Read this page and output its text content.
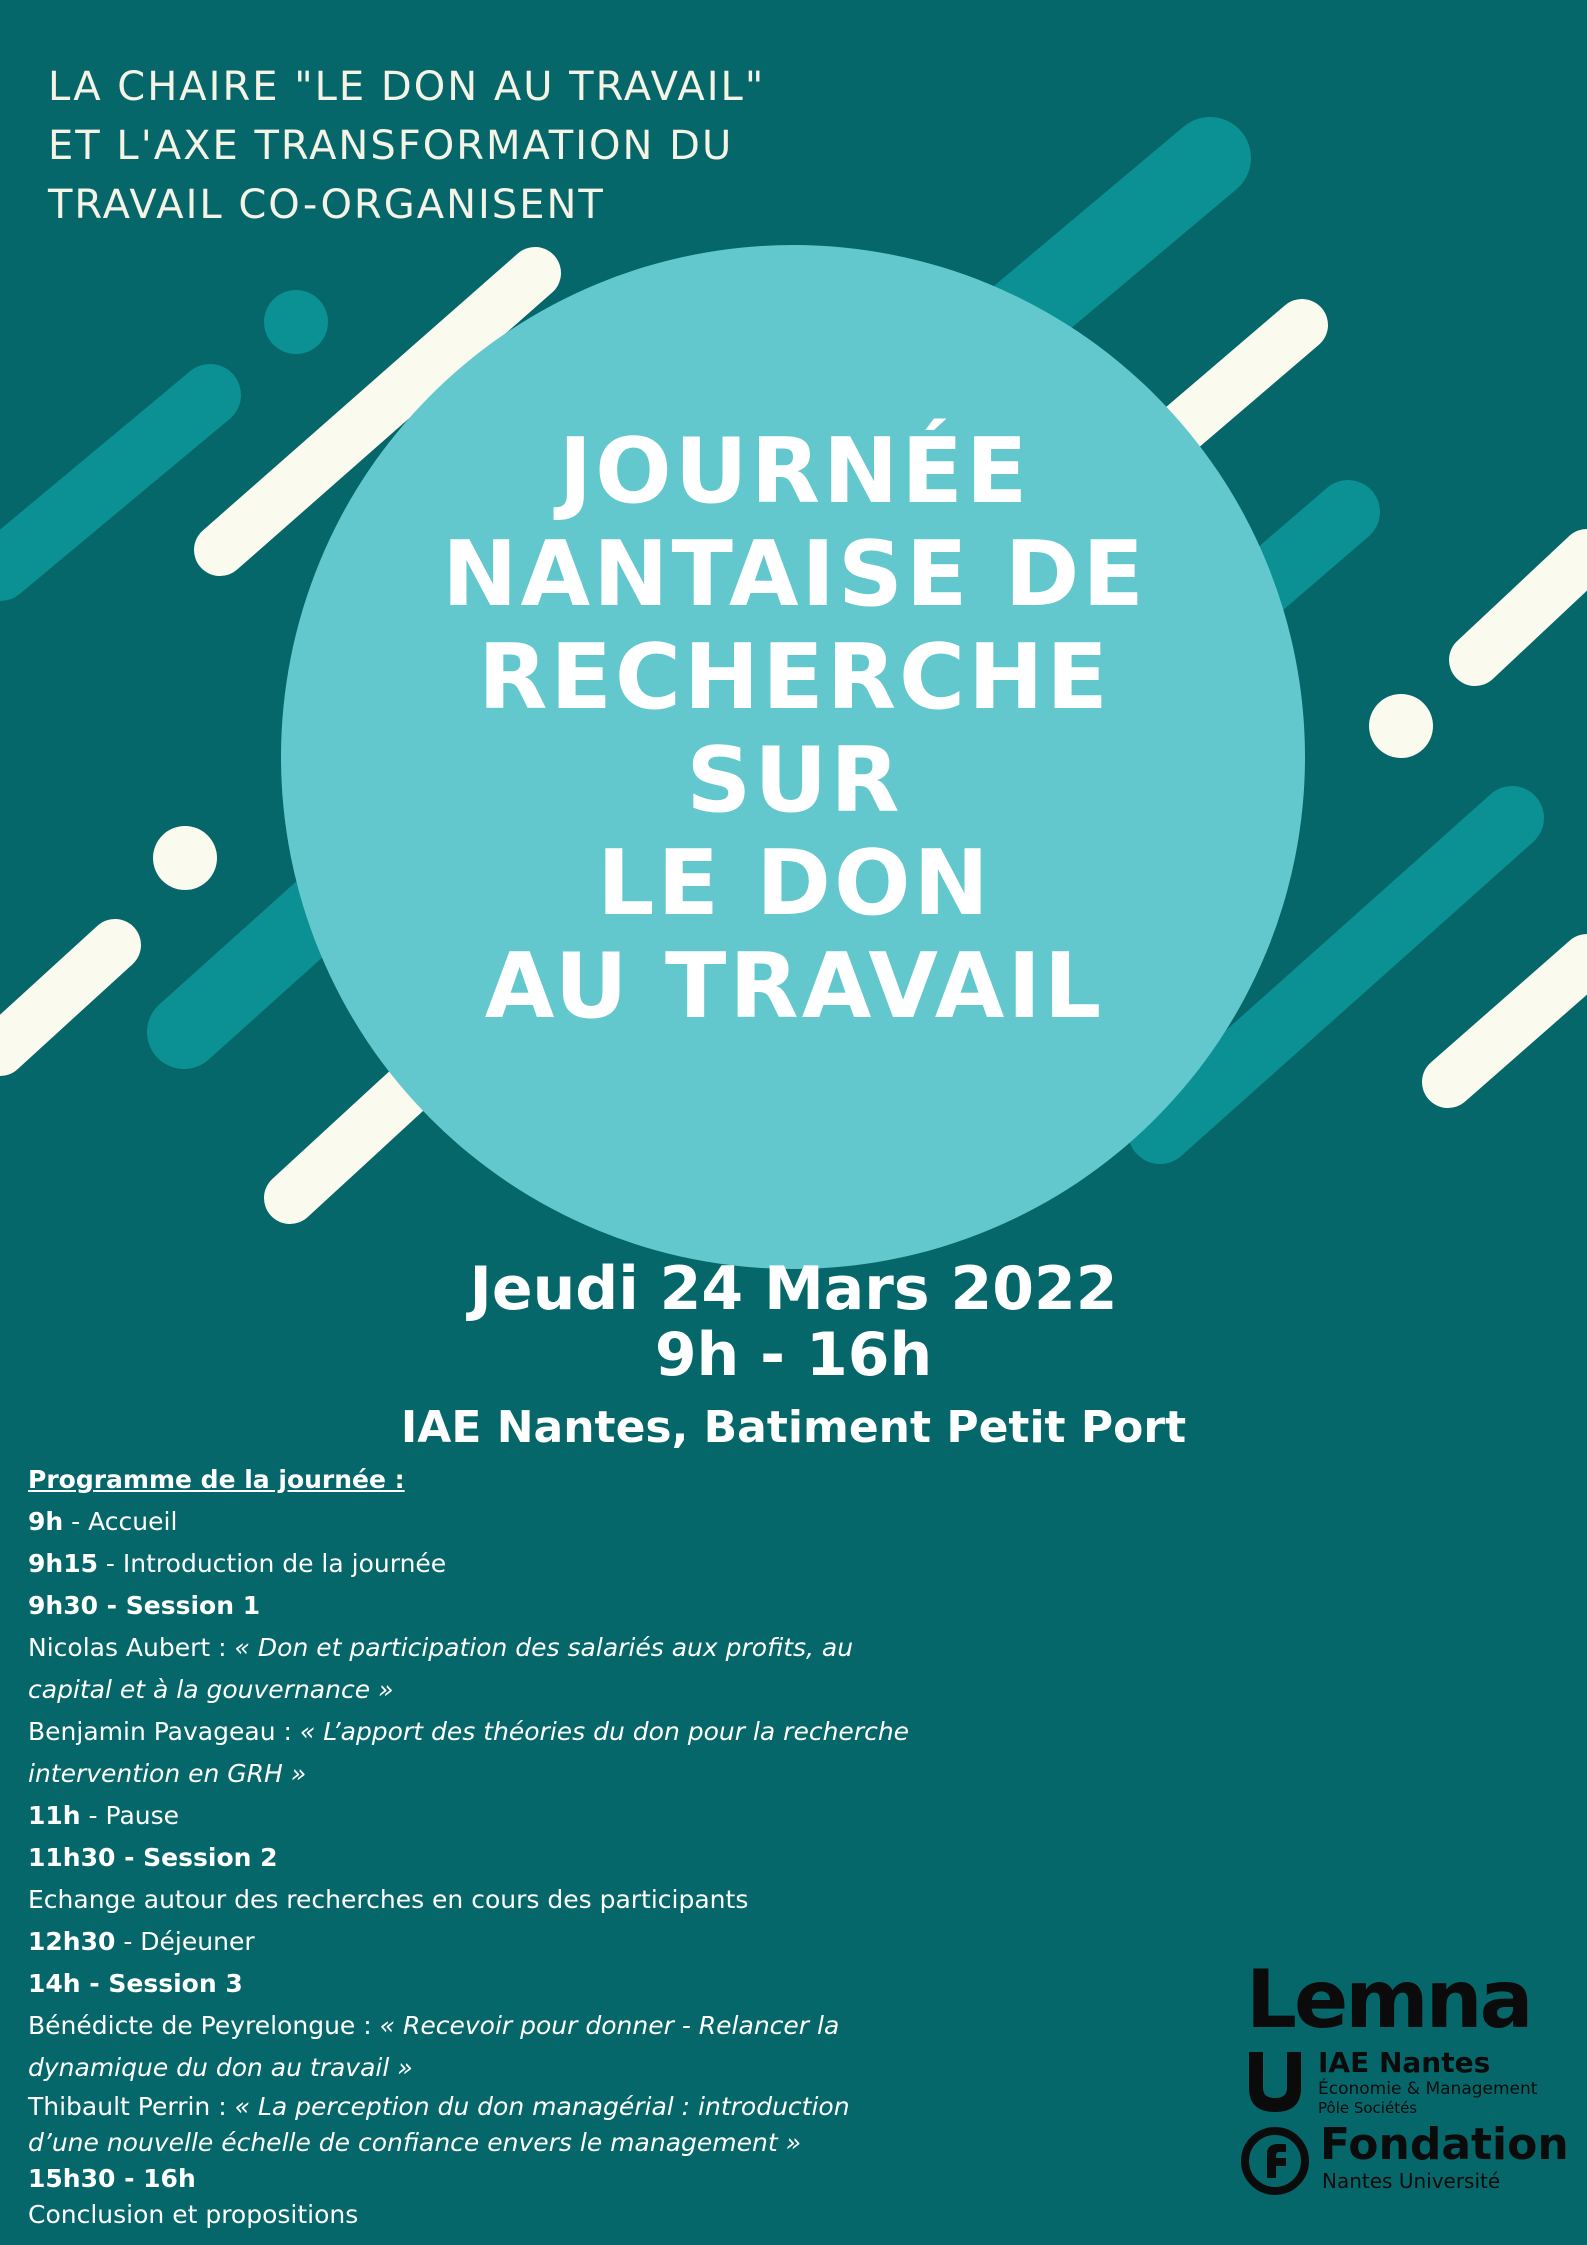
LA CHAIRE "LE DON AU TRAVAIL"
ET L'AXE TRANSFORMATION DU
TRAVAIL CO-ORGANISENT
JOURNÉE
NANTAISE DE
RECHERCHE
SUR
LE DON
AU TRAVAIL
Jeudi 24 Mars 2022
9h - 16h
IAE Nantes, Batiment Petit Port
Programme de la journée :
9h - Accueil
9h15 - Introduction de la journée
9h30 - Session 1
Nicolas Aubert : « Don et participation des salariés aux profits, au
capital et à la gouvernance »
Benjamin Pavageau : « L’apport des théories du don pour la recherche
intervention en GRH »
11h - Pause
11h30 - Session 2
Echange autour des recherches en cours des participants
12h30 - Déjeuner
14h - Session 3
Bénédicte de Peyrelongue : « Recevoir pour donner - Relancer la
dynamique du don au travail »
Thibault Perrin : « La perception du don managérial : introduction
d’une nouvelle échelle de confiance envers le management »
15h30 - 16h
Conclusion et propositions
Lemna
IAE Nantes
Économie & Management
Pôle Sociétés
Fondation
Nantes Université
